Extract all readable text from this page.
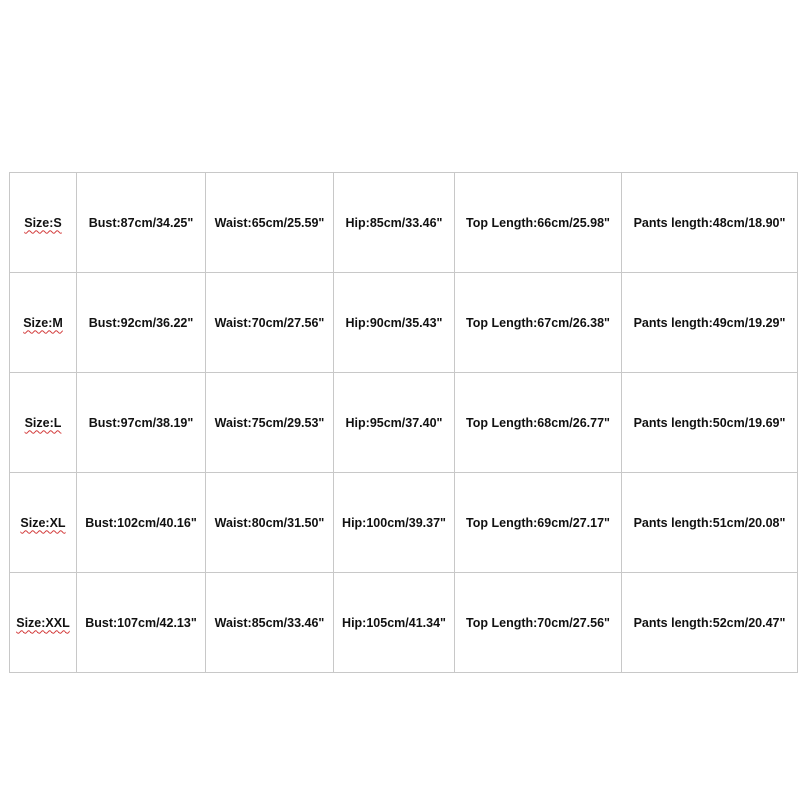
Size:S	Bust:87cm/34.25"	Waist:65cm/25.59"	Hip:85cm/33.46"	Top Length:66cm/25.98"	Pants length:48cm/18.90"
Size:M	Bust:92cm/36.22"	Waist:70cm/27.56"	Hip:90cm/35.43"	Top Length:67cm/26.38"	Pants length:49cm/19.29"
Size:L	Bust:97cm/38.19"	Waist:75cm/29.53"	Hip:95cm/37.40"	Top Length:68cm/26.77"	Pants length:50cm/19.69"
Size:XL	Bust:102cm/40.16"	Waist:80cm/31.50"	Hip:100cm/39.37"	Top Length:69cm/27.17"	Pants length:51cm/20.08"
Size:XXL	Bust:107cm/42.13"	Waist:85cm/33.46"	Hip:105cm/41.34"	Top Length:70cm/27.56"	Pants length:52cm/20.47"
